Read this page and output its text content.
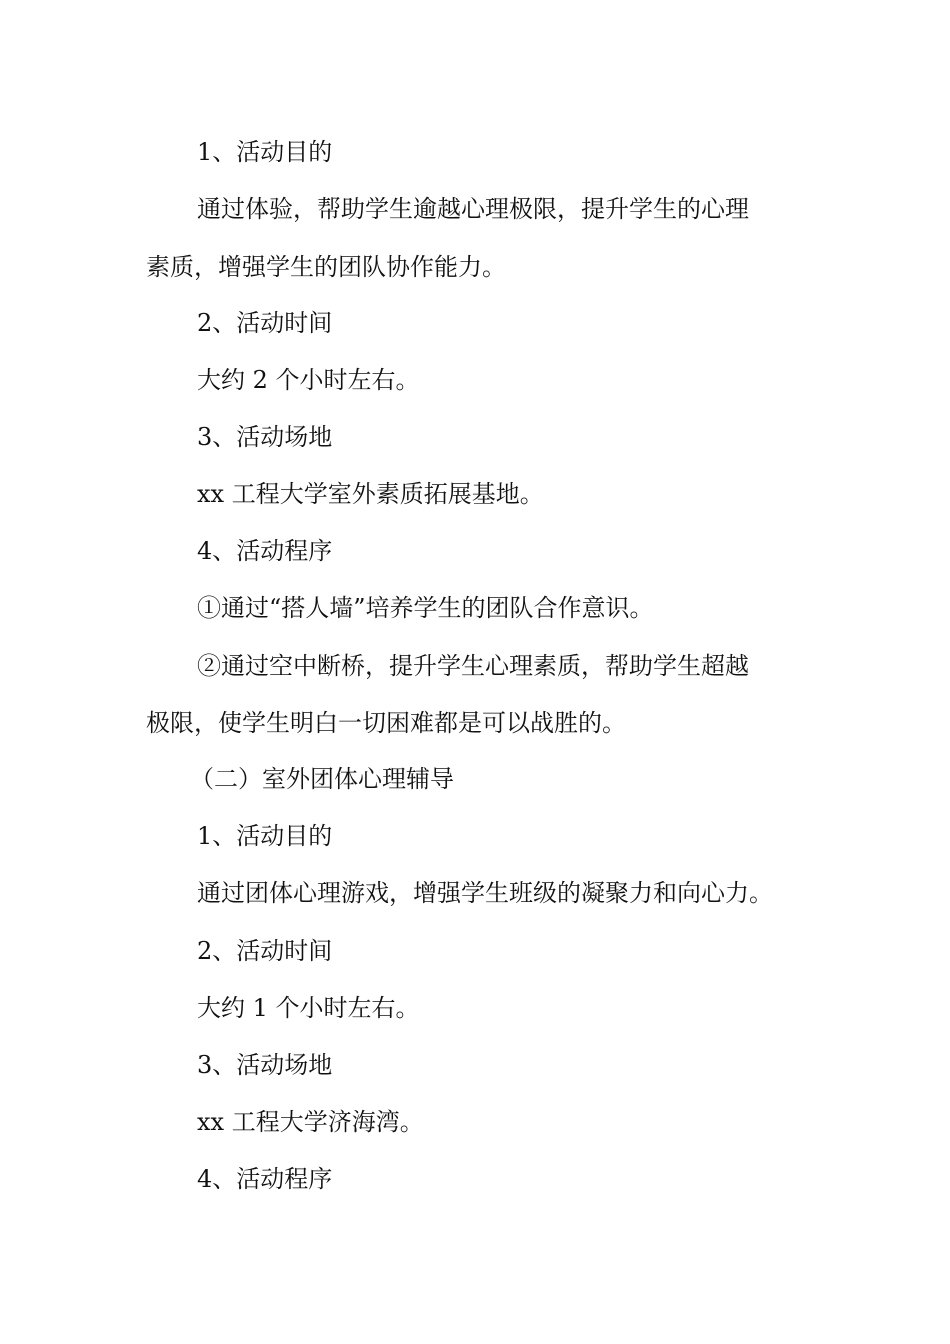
1、活动目的

通过体验，帮助学生逾越心理极限，提升学生的心理

素质，增强学生的团队协作能力。

2、活动时间

大约 2 个小时左右。

3、活动场地

xx 工程大学室外素质拓展基地。

4、活动程序

①通过“搭人墙”培养学生的团队合作意识。

②通过空中断桥，提升学生心理素质，帮助学生超越

极限，使学生明白一切困难都是可以战胜的。

（二）室外团体心理辅导

1、活动目的

通过团体心理游戏，增强学生班级的凝聚力和向心力。

2、活动时间

大约 1 个小时左右。

3、活动场地

xx 工程大学济海湾。

4、活动程序
